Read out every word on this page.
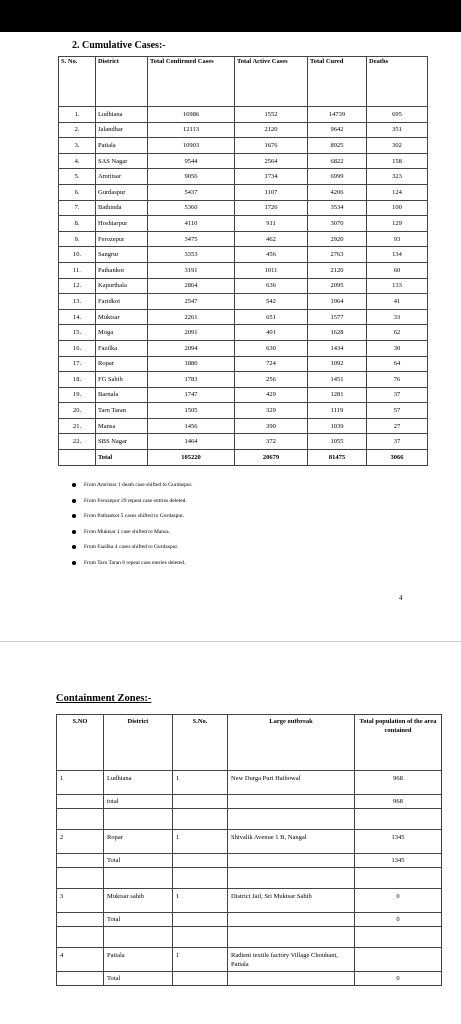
2. Cumulative Cases:-
S. No.	District	Total Confirmed Cases	Total Active Cases	Total Cured	Deaths
1.	Ludhiana	16986	1552	14739	695
2.	Jalandhar	12113	2120	9642	351
3.	Patiala	10903	1676	8925	302
4.	SAS Nagar	9544	2564	6822	158
5.	Amritsar	9056	1734	6999	323
6.	Gurdaspur	5437	1107	4206	124
7.	Bathinda	5360	1726	3534	100
8.	Hoshiarpur	4110	911	3070	129
9.	Ferozepur	3475	462	2920	93
10.	Sangrur	3353	456	2763	134
11.	Pathankot	3191	1011	2120	60
12.	Kapurthala	2864	636	2095	133
13.	Faridkot	2547	542	1964	41
14.	Muktsar	2261	651	1577	33
15.	Moga	2091	401	1628	62
16.	Fazilka	2094	630	1434	30
17.	Ropar	1880	724	1092	64
18.	FG Sahib	1783	256	1451	76
19.	Barnala	1747	429	1281	37
20.	Tarn Taran	1505	329	1119	57
21.	Mansa	1456	390	1039	27
22.	SBS Nagar	1464	372	1055	37
	Total	105220	20679	81475	3066
From Amritsar 1 death case shifted to Gurdaspur.
From Ferozepur 29 repeat case entries deleted.
From Pathankot 5 cases shifted to Gurdaspur.
From Muktsar 1 case shifted to Mansa.
From Fazilka 4 cases shifted to Gurdaspur.
From Tarn Taran 8 repeat case entries deleted.
4
Containment Zones:-
S.NO	District	S.No.	Large outbreak	Total population of the area contained
1	Ludhiana	1	New Durga Puri Haibowal	968
	total			968

2	Ropar	1	Shivalik Avenue 1 B, Nangal	1345
	Total			1345

3	Muktsar sahib	1	District Jail, Sri Muktsar Sahib	0
	Total			0

4	Patiala	1	Radient textile factory Village Chouhant, Patiala	
	Total			0
